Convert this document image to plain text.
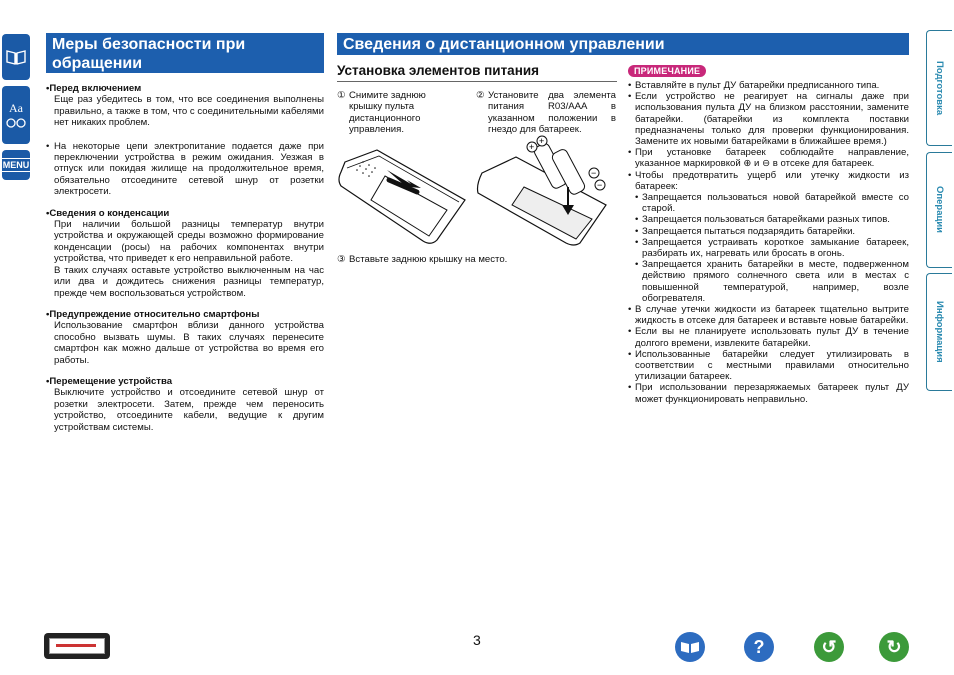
Aa
MENU
Меры безопасности при обращении
• Перед включением
Еще раз убедитесь в том, что все соединения выполнены правильно, а также в том, что с соединительными кабелями нет никаких проблем.
• На некоторые цепи электропитание подается даже при переключении устройства в режим ожидания. Уезжая в отпуск или покидая жилище на продолжительное время, обязательно отсоедините сетевой шнур от розетки электросети.
• Сведения о конденсации
При наличии большой разницы температур внутри устройства и окружающей среды возможно формирование конденсации (росы) на рабочих компонентах внутри устройства, что приведет к его неправильной работе.
В таких случаях оставьте устройство выключенным на час или два и дождитесь снижения разницы температур, прежде чем воспользоваться устройством.
• Предупреждение относительно смартфоны
Использование смартфон вблизи данного устройства способно вызвать шумы. В таких случаях перенесите смартфон как можно дальше от устройства во время его работы.
• Перемещение устройства
Выключите устройство и отсоедините сетевой шнур от розетки электросети. Затем, прежде чем переносить устройство, отсоедините кабели, ведущие к другим устройствам системы.
Сведения о дистанционном управлении
Установка элементов питания
① Снимите заднюю крышку пульта дистанционного управления.
② Установите два элемента питания R03/AAA в указанном положении в гнездо для батареек.
+
+
−
−
③ Вставьте заднюю крышку на место.
ПРИМЕЧАНИЕ
• Вставляйте в пульт ДУ батарейки предписанного типа.
• Если устройство не реагирует на сигналы даже при использования пульта ДУ на близком расстоянии, замените батарейки. (батарейки из комплекта поставки предназначены только для проверки функционирования. Замените их новыми батарейками в ближайшее время.)
• При установке батареек соблюдайте направление, указанное маркировкой ⊕ и ⊖ в отсеке для батареек.
• Чтобы предотвратить ущерб или утечку жидкости из батареек:
• Запрещается пользоваться новой батарейкой вместе со старой.
• Запрещается пользоваться батарейками разных типов.
• Запрещается пытаться подзарядить батарейки.
• Запрещается устраивать короткое замыкание батареек, разбирать их, нагревать или бросать в огонь.
• Запрещается хранить батарейки в месте, подверженном действию прямого солнечного света или в местах с повышенной температурой, например, возле обогревателя.
• В случае утечки жидкости из батареек тщательно вытрите жидкость в отсеке для батареек и вставьте новые батарейки.
• Если вы не планируете использовать пульт ДУ в течение долгого времени, извлеките батарейки.
• Использованные батарейки следует утилизировать в соответствии с местными правилами относительно утилизации батареек.
• При использовании перезаряжаемых батареек пульт ДУ может функционировать неправильно.
Подготовка
Операции
Информация
3	?	↺	↻
